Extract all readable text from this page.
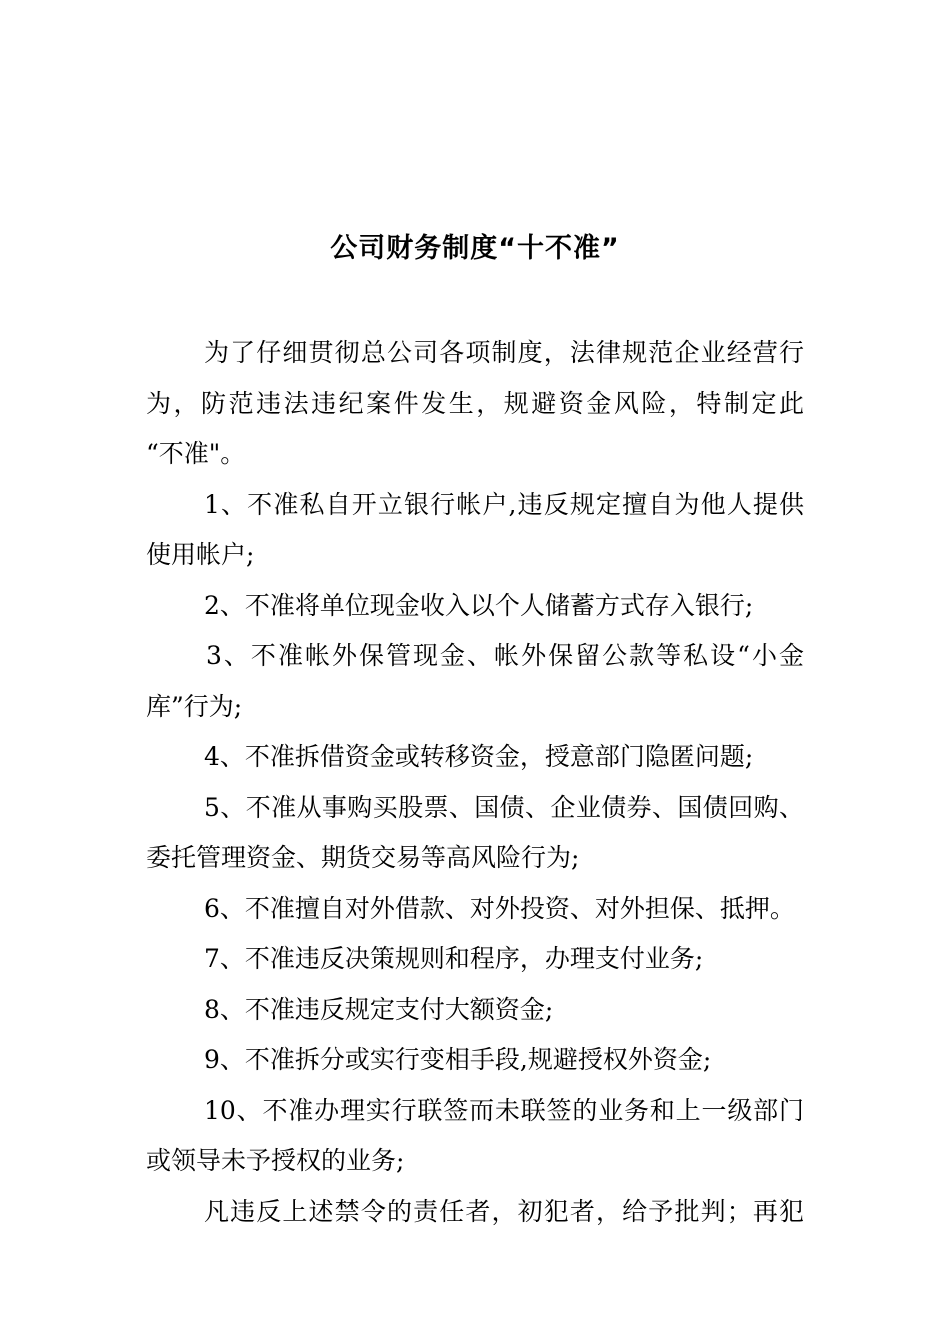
公司财务制度“十不准”
为了仔细贯彻总公司各项制度，法律规范企业经营行
为，防范违法违纪案件发生，规避资金风险，特制定此
“不准"。
1、不准私自开立银行帐户,违反规定擅自为他人提供
使用帐户;
2、不准将单位现金收入以个人储蓄方式存入银行;
3、不准帐外保管现金、帐外保留公款等私设“小金
库”行为;
4、不准拆借资金或转移资金，授意部门隐匿问题;
5、不准从事购买股票、国债、企业债券、国债回购、
委托管理资金、期货交易等高风险行为;
6、不准擅自对外借款、对外投资、对外担保、抵押。
7、不准违反决策规则和程序，办理支付业务;
8、不准违反规定支付大额资金;
9、不准拆分或实行变相手段,规避授权外资金;
10、不准办理实行联签而未联签的业务和上一级部门
或领导未予授权的业务;
凡违反上述禁令的责任者，初犯者，给予批判；再犯
